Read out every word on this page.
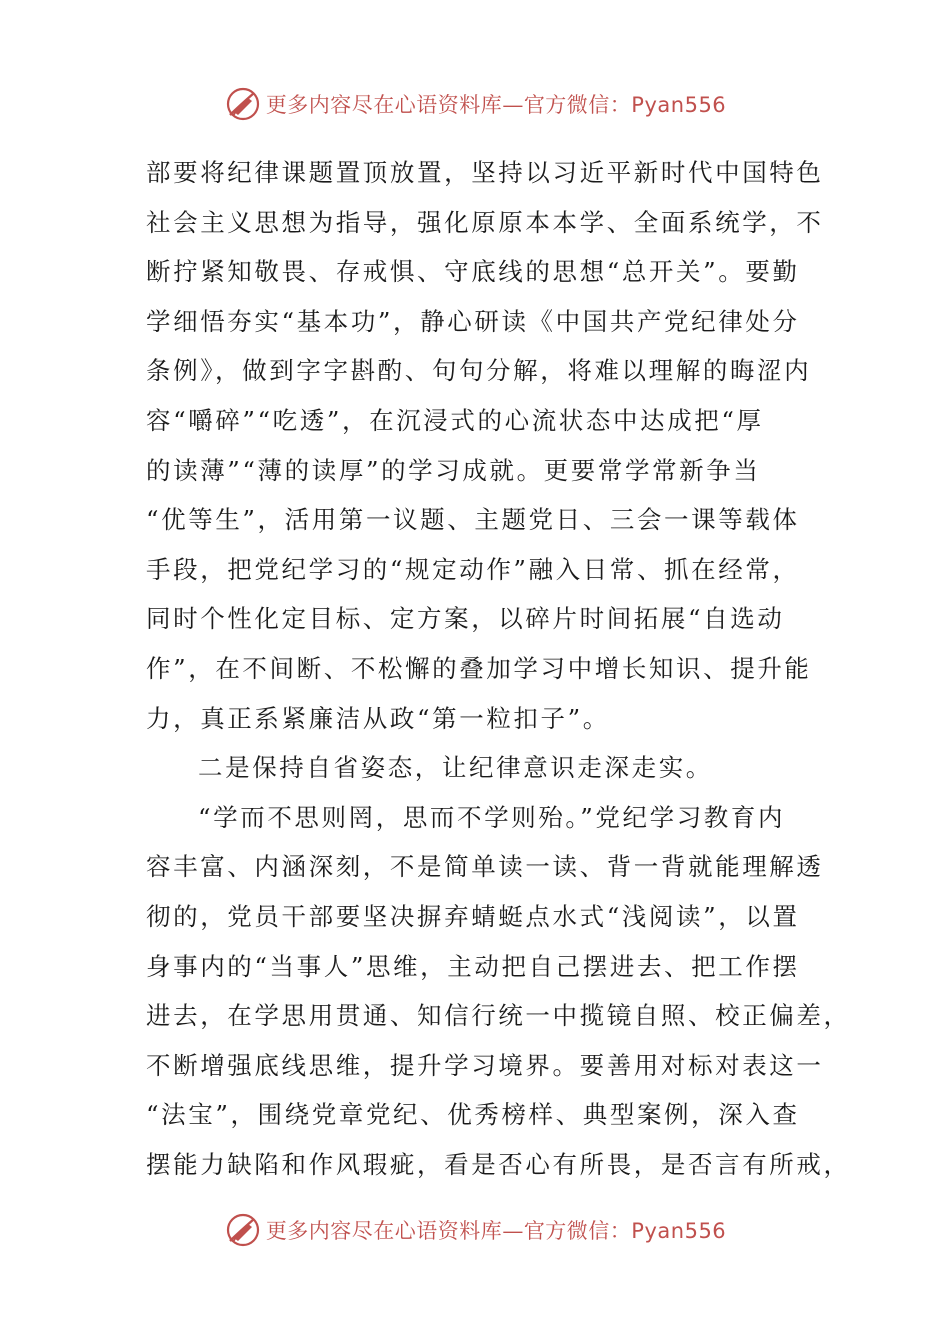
更多内容尽在心语资料库—官方微信：Pyan556
部要将纪律课题置顶放置，坚持以习近平新时代中国特色
社会主义思想为指导，强化原原本本学、全面系统学，不
断拧紧知敬畏、存戒惧、守底线的思想“总开关”。要勤
学细悟夯实“基本功”，静心研读《中国共产党纪律处分
条例》，做到字字斟酌、句句分解，将难以理解的晦涩内
容“嚼碎”“吃透”，在沉浸式的心流状态中达成把“厚
的读薄”“薄的读厚”的学习成就。更要常学常新争当
“优等生”，活用第一议题、主题党日、三会一课等载体
手段，把党纪学习的“规定动作”融入日常、抓在经常，
同时个性化定目标、定方案，以碎片时间拓展“自选动
作”，在不间断、不松懈的叠加学习中增长知识、提升能
力，真正系紧廉洁从政“第一粒扣子”。
二是保持自省姿态，让纪律意识走深走实。
“学而不思则罔，思而不学则殆。”党纪学习教育内
容丰富、内涵深刻，不是简单读一读、背一背就能理解透
彻的，党员干部要坚决摒弃蜻蜓点水式“浅阅读”，以置
身事内的“当事人”思维，主动把自己摆进去、把工作摆
进去，在学思用贯通、知信行统一中揽镜自照、校正偏差，
不断增强底线思维，提升学习境界。要善用对标对表这一
“法宝”，围绕党章党纪、优秀榜样、典型案例，深入查
摆能力缺陷和作风瑕疵，看是否心有所畏，是否言有所戒，
更多内容尽在心语资料库—官方微信：Pyan556
